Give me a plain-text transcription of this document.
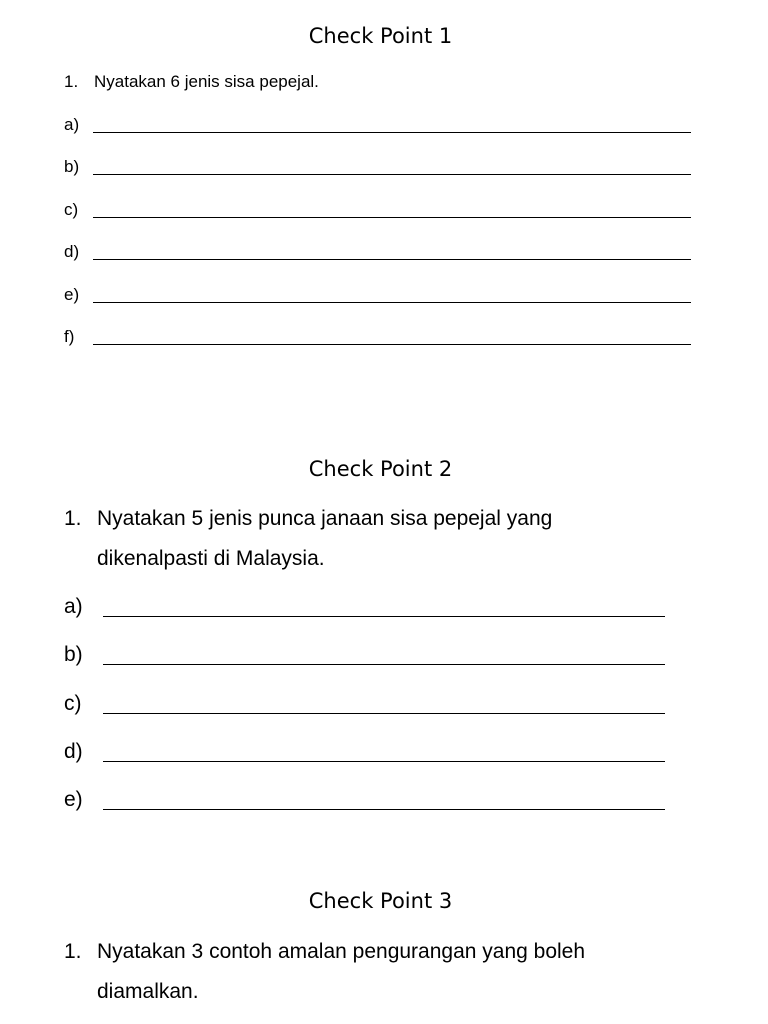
Check Point 1
1. Nyatakan 6 jenis sisa pepejal.
a)
b)
c)
d)
e)
f)
Check Point 2
1. Nyatakan 5 jenis punca janaan sisa pepejal yang dikenalpasti di Malaysia.
a)
b)
c)
d)
e)
Check Point 3
1. Nyatakan 3 contoh amalan pengurangan yang boleh diamalkan.
